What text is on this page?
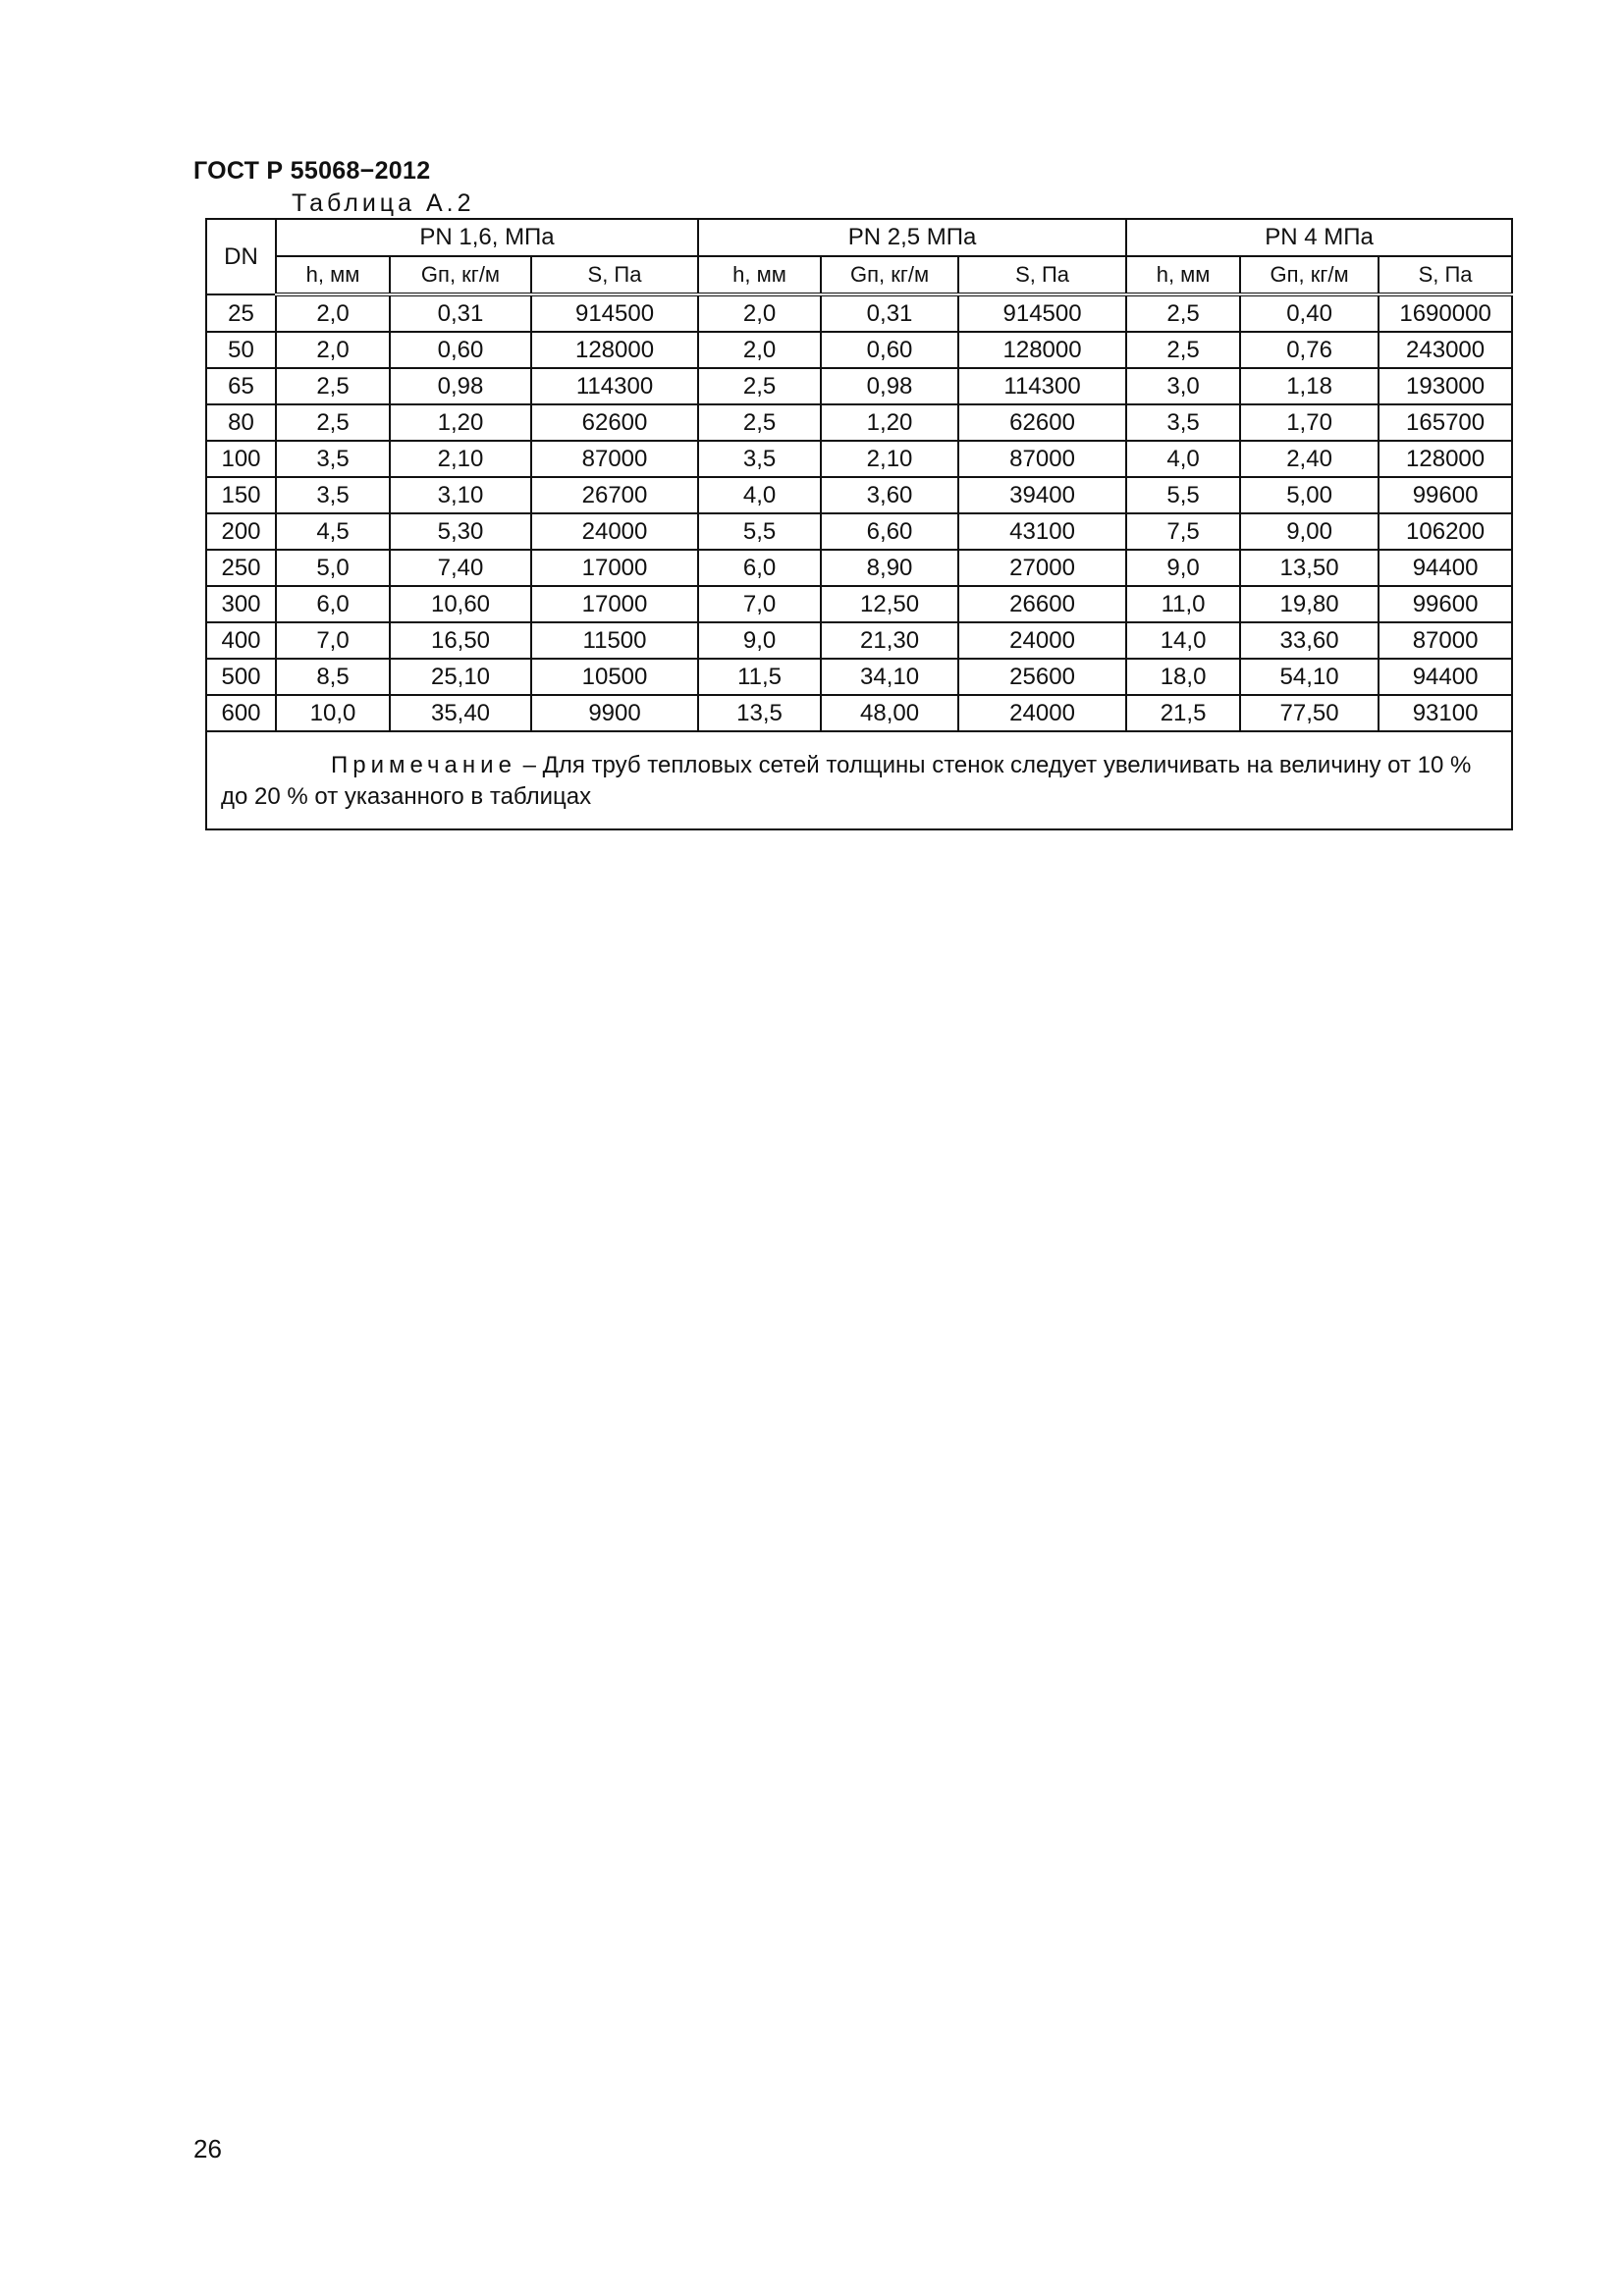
ГОСТ Р 55068−2012
Таблица А.2
DN	PN 1,6, МПа			PN 2,5 МПа			PN 4 МПа		
	h, мм	Gп, кг/м	S, Па	h, мм	Gп, кг/м	S, Па	h, мм	Gп, кг/м	S, Па
25	2,0	0,31	914500	2,0	0,31	914500	2,5	0,40	1690000
50	2,0	0,60	128000	2,0	0,60	128000	2,5	0,76	243000
65	2,5	0,98	114300	2,5	0,98	114300	3,0	1,18	193000
80	2,5	1,20	62600	2,5	1,20	62600	3,5	1,70	165700
100	3,5	2,10	87000	3,5	2,10	87000	4,0	2,40	128000
150	3,5	3,10	26700	4,0	3,60	39400	5,5	5,00	99600
200	4,5	5,30	24000	5,5	6,60	43100	7,5	9,00	106200
250	5,0	7,40	17000	6,0	8,90	27000	9,0	13,50	94400
300	6,0	10,60	17000	7,0	12,50	26600	11,0	19,80	99600
400	7,0	16,50	11500	9,0	21,30	24000	14,0	33,60	87000
500	8,5	25,10	10500	11,5	34,10	25600	18,0	54,10	94400
600	10,0	35,40	9900	13,5	48,00	24000	21,5	77,50	93100
Примечание – Для труб тепловых сетей толщины стенок следует увеличивать на величину от 10 % до 20 % от указанного в таблицах									
26
